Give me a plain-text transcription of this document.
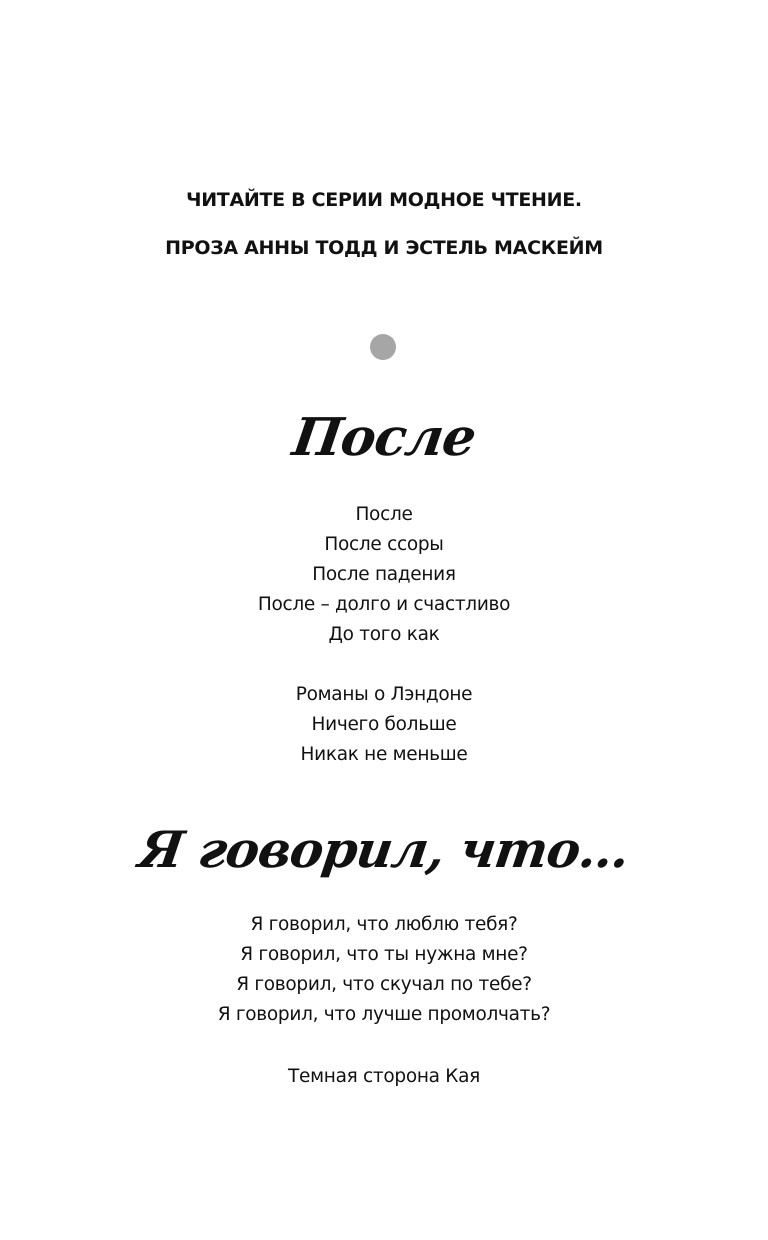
ЧИТАЙТЕ В СЕРИИ МОДНОЕ ЧТЕНИЕ.
ПРОЗА АННЫ ТОДД И ЭСТЕЛЬ МАСКЕЙМ
После
После
После ссоры
После падения
После – долго и счастливо
До того как
Романы о Лэндоне
Ничего больше
Никак не меньше
Я говорил, что…
Я говорил, что люблю тебя?
Я говорил, что ты нужна мне?
Я говорил, что скучал по тебе?
Я говорил, что лучше промолчать?
Темная сторона Кая
